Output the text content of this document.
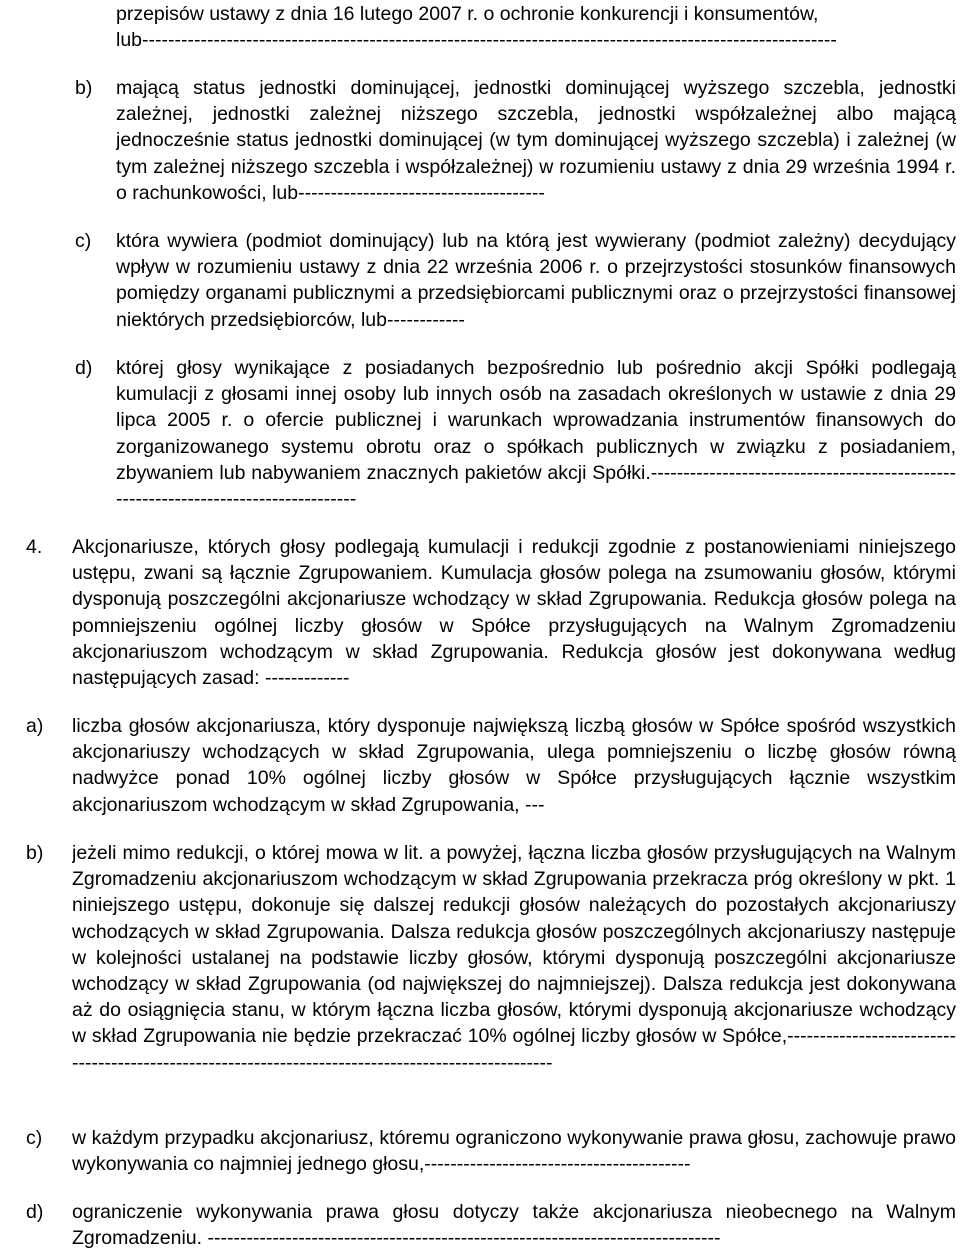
przepisów ustawy z dnia 16 lutego 2007 r. o ochronie konkurencji i konsumentów,
lub-----------------------------------------------------------------------------------------------------------
b) mającą status jednostki dominującej, jednostki dominującej wyższego szczebla, jednostki zależnej, jednostki zależnej niższego szczebla, jednostki współzależnej albo mającą jednocześnie status jednostki dominującej (w tym dominującej wyższego szczebla) i zależnej (w tym zależnej niższego szczebla i współzależnej) w rozumieniu ustawy z dnia 29 września 1994 r. o rachunkowości, lub--------------------------------------
c) która wywiera (podmiot dominujący) lub na którą jest wywierany (podmiot zależny) decydujący wpływ w rozumieniu ustawy z dnia 22 września 2006 r. o przejrzystości stosunków finansowych pomiędzy organami publicznymi a przedsiębiorcami publicznymi oraz o przejrzystości finansowej niektórych przedsiębiorców, lub------------
d) której głosy wynikające z posiadanych bezpośrednio lub pośrednio akcji Spółki podlegają kumulacji z głosami innej osoby lub innych osób na zasadach określonych w ustawie z dnia 29 lipca 2005 r. o ofercie publicznej i warunkach wprowadzania instrumentów finansowych do zorganizowanego systemu obrotu oraz o spółkach publicznych w związku z posiadaniem, zbywaniem lub nabywaniem znacznych pakietów akcji Spółki.------------------------------------------------------------------------------------
4. Akcjonariusze, których głosy podlegają kumulacji i redukcji zgodnie z postanowieniami niniejszego ustępu, zwani są łącznie Zgrupowaniem. Kumulacja głosów polega na zsumowaniu głosów, którymi dysponują poszczególni akcjonariusze wchodzący w skład Zgrupowania. Redukcja głosów polega na pomniejszeniu ogólnej liczby głosów w Spółce przysługujących na Walnym Zgromadzeniu akcjonariuszom wchodzącym w skład Zgrupowania. Redukcja głosów jest dokonywana według następujących zasad: -------------
a) liczba głosów akcjonariusza, który dysponuje największą liczbą głosów w Spółce spośród wszystkich akcjonariuszy wchodzących w skład Zgrupowania, ulega pomniejszeniu o liczbę głosów równą nadwyżce ponad 10% ogólnej liczby głosów w Spółce przysługujących łącznie wszystkim akcjonariuszom wchodzącym w skład Zgrupowania, ---
b) jeżeli mimo redukcji, o której mowa w lit. a powyżej, łączna liczba głosów przysługujących na Walnym Zgromadzeniu akcjonariuszom wchodzącym w skład Zgrupowania przekracza próg określony w pkt. 1 niniejszego ustępu, dokonuje się dalszej redukcji głosów należących do pozostałych akcjonariuszy wchodzących w skład Zgrupowania. Dalsza redukcja głosów poszczególnych akcjonariuszy następuje w kolejności ustalanej na podstawie liczby głosów, którymi dysponują poszczególni akcjonariusze wchodzący w skład Zgrupowania (od największej do najmniejszej). Dalsza redukcja jest dokonywana aż do osiągnięcia stanu, w którym łączna liczba głosów, którymi dysponują akcjonariusze wchodzący w skład Zgrupowania nie będzie przekraczać 10% ogólnej liczby głosów w Spółce,----------------------------------------------------------------------------------------------------
c) w każdym przypadku akcjonariusz, któremu ograniczono wykonywanie prawa głosu, zachowuje prawo wykonywania co najmniej jednego głosu,-----------------------------------------
d) ograniczenie wykonywania prawa głosu dotyczy także akcjonariusza nieobecnego na Walnym Zgromadzeniu. -------------------------------------------------------------------------------
